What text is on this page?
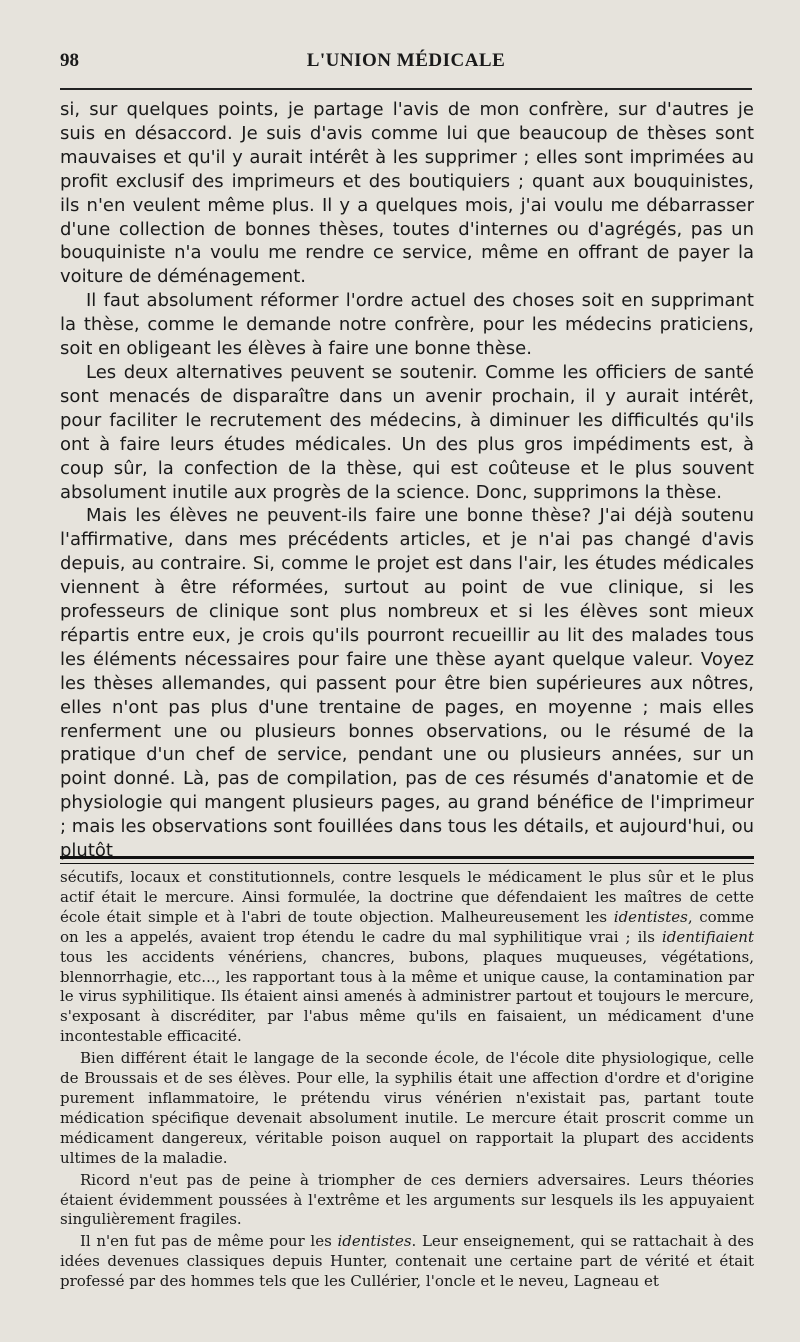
98	L'UNION MÉDICALE

si, sur quelques points, je partage l'avis de mon confrère, sur d'autres je suis en désaccord. Je suis d'avis comme lui que beaucoup de thèses sont mauvaises et qu'il y aurait intérêt à les supprimer ; elles sont imprimées au profit exclusif des imprimeurs et des boutiquiers ; quant aux bouquinistes, ils n'en veulent même plus. Il y a quelques mois, j'ai voulu me débarrasser d'une collection de bonnes thèses, toutes d'internes ou d'agrégés, pas un bouquiniste n'a voulu me rendre ce service, même en offrant de payer la voiture de déménagement.

Il faut absolument réformer l'ordre actuel des choses soit en supprimant la thèse, comme le demande notre confrère, pour les médecins praticiens, soit en obligeant les élèves à faire une bonne thèse.

Les deux alternatives peuvent se soutenir. Comme les officiers de santé sont menacés de disparaître dans un avenir prochain, il y aurait intérêt, pour faciliter le recrutement des médecins, à diminuer les difficultés qu'ils ont à faire leurs études médicales. Un des plus gros impédiments est, à coup sûr, la confection de la thèse, qui est coûteuse et le plus souvent absolument inutile aux progrès de la science. Donc, supprimons la thèse.

Mais les élèves ne peuvent-ils faire une bonne thèse? J'ai déjà soutenu l'affirmative, dans mes précédents articles, et je n'ai pas changé d'avis depuis, au contraire. Si, comme le projet est dans l'air, les études médicales viennent à être réformées, surtout au point de vue clinique, si les professeurs de clinique sont plus nombreux et si les élèves sont mieux répartis entre eux, je crois qu'ils pourront recueillir au lit des malades tous les éléments nécessaires pour faire une thèse ayant quelque valeur. Voyez les thèses allemandes, qui passent pour être bien supérieures aux nôtres, elles n'ont pas plus d'une trentaine de pages, en moyenne ; mais elles renferment une ou plusieurs bonnes observations, ou le résumé de la pratique d'un chef de service, pendant une ou plusieurs années, sur un point donné. Là, pas de compilation, pas de ces résumés d'anatomie et de physiologie qui mangent plusieurs pages, au grand bénéfice de l'imprimeur ; mais les observations sont fouillées dans tous les détails, et aujourd'hui, ou plutôt

sécutifs, locaux et constitutionnels, contre lesquels le médicament le plus sûr et le plus actif était le mercure. Ainsi formulée, la doctrine que défendaient les maîtres de cette école était simple et à l'abri de toute objection. Malheureusement les identistes, comme on les a appelés, avaient trop étendu le cadre du mal syphilitique vrai ; ils identifiaient tous les accidents vénériens, chancres, bubons, plaques muqueuses, végétations, blennorrhagie, etc..., les rapportant tous à la même et unique cause, la contamination par le virus syphilitique. Ils étaient ainsi amenés à administrer partout et toujours le mercure, s'exposant à discréditer, par l'abus même qu'ils en faisaient, un médicament d'une incontestable efficacité.

Bien différent était le langage de la seconde école, de l'école dite physiologique, celle de Broussais et de ses élèves. Pour elle, la syphilis était une affection d'ordre et d'origine purement inflammatoire, le prétendu virus vénérien n'existait pas, partant toute médication spécifique devenait absolument inutile. Le mercure était proscrit comme un médicament dangereux, véritable poison auquel on rapportait la plupart des accidents ultimes de la maladie.

Ricord n'eut pas de peine à triompher de ces derniers adversaires. Leurs théories étaient évidemment poussées à l'extrême et les arguments sur lesquels ils les appuyaient singulièrement fragiles.

Il n'en fut pas de même pour les identistes. Leur enseignement, qui se rattachait à des idées devenues classiques depuis Hunter, contenait une certaine part de vérité et était professé par des hommes tels que les Cullérier, l'oncle et le neveu, Lagneau et
